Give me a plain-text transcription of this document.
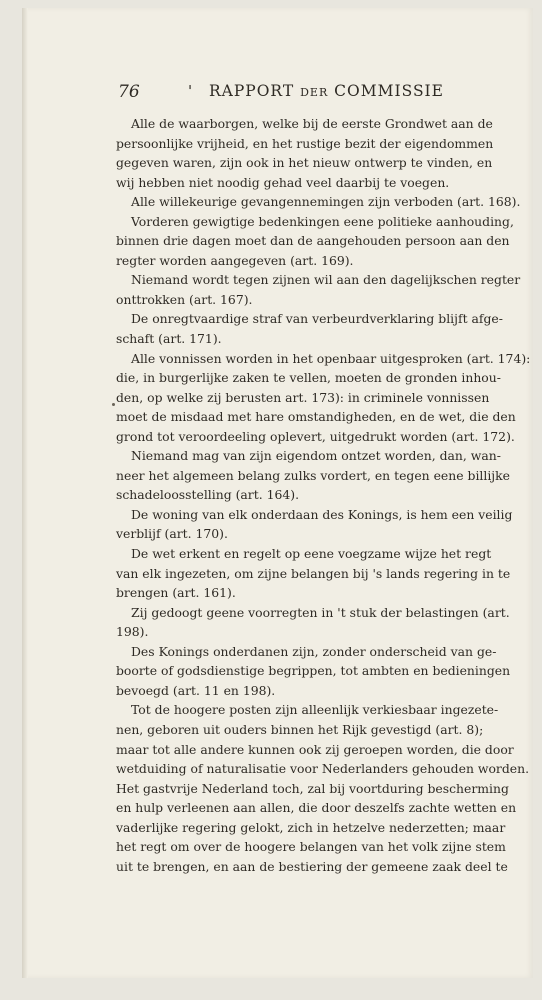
76	' RAPPORT DER COMMISSIE
Alle de waarborgen, welke bij de eerste Grondwet aan de
persoonlijke vrijheid, en het rustige bezit der eigendommen
gegeven waren, zijn ook in het nieuw ontwerp te vinden, en
wij hebben niet noodig gehad veel daarbij te voegen.
Alle willekeurige gevangennemingen zijn verboden (art. 168).
Vorderen gewigtige bedenkingen eene politieke aanhouding,
binnen drie dagen moet dan de aangehouden persoon aan den
regter worden aangegeven (art. 169).
Niemand wordt tegen zijnen wil aan den dagelijkschen regter
onttrokken (art. 167).
De onregtvaardige straf van verbeurdverklaring blijft afge-
schaft (art. 171).
Alle vonnissen worden in het openbaar uitgesproken (art. 174):
die, in burgerlijke zaken te vellen, moeten de gronden inhou-
den, op welke zij berusten art. 173): in criminele vonnissen
moet de misdaad met hare omstandigheden, en de wet, die den
grond tot veroordeeling oplevert, uitgedrukt worden (art. 172).
Niemand mag van zijn eigendom ontzet worden, dan, wan-
neer het algemeen belang zulks vordert, en tegen eene billijke
schadeloosstelling (art. 164).
De woning van elk onderdaan des Konings, is hem een veilig
verblijf (art. 170).
De wet erkent en regelt op eene voegzame wijze het regt
van elk ingezeten, om zijne belangen bij 's lands regering in te
brengen (art. 161).
Zij gedoogt geene voorregten in 't stuk der belastingen (art.
198).
Des Konings onderdanen zijn, zonder onderscheid van ge-
boorte of godsdienstige begrippen, tot ambten en bedieningen
bevoegd (art. 11 en 198).
Tot de hoogere posten zijn alleenlijk verkiesbaar ingezete-
nen, geboren uit ouders binnen het Rijk gevestigd (art. 8);
maar tot alle andere kunnen ook zij geroepen worden, die door
wetduiding of naturalisatie voor Nederlanders gehouden worden.
Het gastvrije Nederland toch, zal bij voortduring bescherming
en hulp verleenen aan allen, die door deszelfs zachte wetten en
vaderlijke regering gelokt, zich in hetzelve nederzetten; maar
het regt om over de hoogere belangen van het volk zijne stem
uit te brengen, en aan de bestiering der gemeene zaak deel te
